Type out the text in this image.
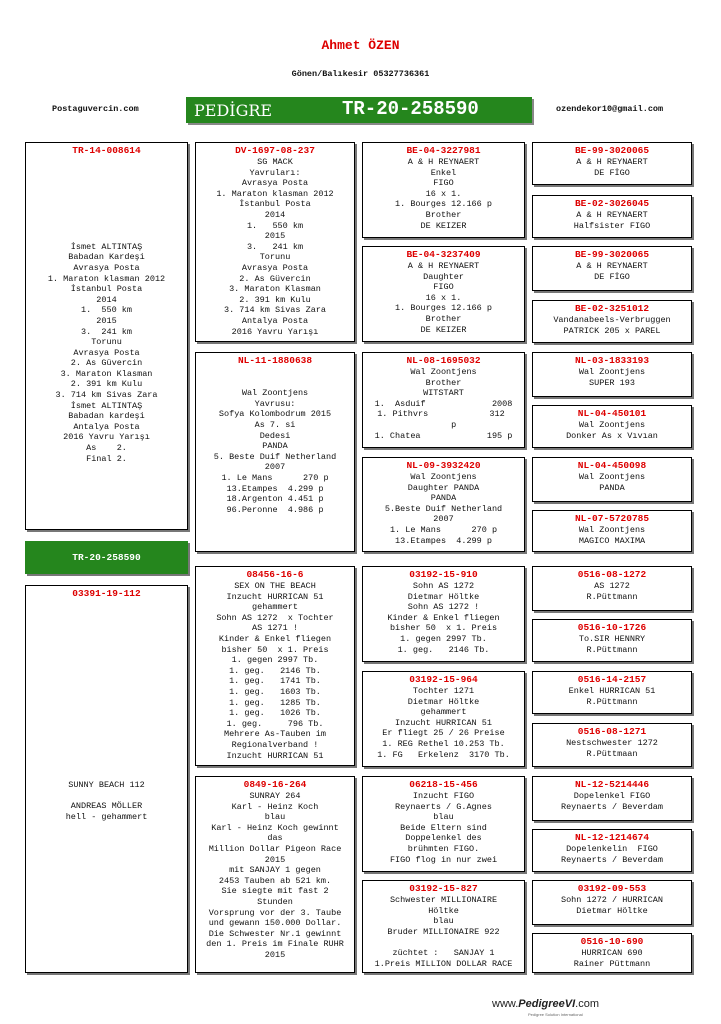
Ahmet ÖZEN
Gönen/Balıkesir 05327736361
Postaguvercin.com	ozendekor10@gmail.com
PEDİGRE	TR-20-258590
TR-14-008614

İsmet ALTINTAŞ
Babadan Kardeşi
Avrasya Posta
1. Maraton klasman 2012
İstanbul Posta
2014
1.  550 km
2015
3.  241 km
Torunu
Avrasya Posta
2. As Güvercin
3. Maraton Klasman
2. 391 km Kulu
3. 714 km Sivas Zara
İsmet ALTINTAŞ
Babadan kardeşi
Antalya Posta
2016 Yavru Yarışı
As    2.
Final 2.
TR-20-258590
03391-19-112

SUNNY BEACH 112

ANDREAS MÖLLER
hell - gehammert
DV-1697-08-237
SG MACK
Yavruları:
Avrasya Posta
1. Maraton klasman 2012
İstanbul Posta
2014
1.   550 km
2015
3.   241 km
Torunu
Avrasya Posta
2. As Güvercin
3. Maraton Klasman
2. 391 km Kulu
3. 714 km Sivas Zara
Antalya Posta
2016 Yavru Yarışı
NL-11-1880638

Wal Zoontjens
Yavrusu:
Sofya Kolombodrum 2015
As 7. si
Dedesi
PANDA
5. Beste Duif Netherland
2007
1. Le Mans      270 p
13.Etampes  4.299 p
18.Argenton 4.451 p
96.Peronne  4.986 p
08456-16-6
SEX ON THE BEACH
Inzucht HURRICAN 51
gehammert
Sohn AS 1272  x Tochter
AS 1271 !
Kinder & Enkel fliegen
bisher 50  x 1. Preis
1. gegen 2997 Tb.
1. geg.   2146 Tb.
1. geg.   1741 Tb.
1. geg.   1603 Tb.
1. geg.   1285 Tb.
1. geg.   1026 Tb.
1. geg.     796 Tb.
Mehrere As-Tauben im
Regionalverband !
Inzucht HURRICAN 51
0849-16-264
SUNRAY 264
Karl - Heinz Koch
blau
Karl - Heinz Koch gewinnt
das
Million Dollar Pigeon Race
2015
mit SANJAY 1 gegen
2453 Tauben ab 521 km.
Sie siegte mit fast 2
Stunden
Vorsprung vor der 3. Taube
und gewann 150.000 Dollar.
Die Schwester Nr.1 gewinnt
den 1. Preis im Finale RUHR
2015
BE-04-3227981
A & H REYNAERT
Enkel
FIGO
16 x 1.
1. Bourges 12.166 p
Brother
DE KEIZER
BE-04-3237409
A & H REYNAERT
Daughter
FIGO
16 x 1.
1. Bourges 12.166 p
Brother
DE KEIZER
NL-08-1695032
Wal Zoontjens
Brother
WITSTART
1.  Asduif             2008
1. Pithvrs            312
p
1. Chatea             195 p
NL-09-3932420
Wal Zoontjens
Daughter PANDA
PANDA
5.Beste Duif Netherland
2007
1. Le Mans      270 p
13.Etampes  4.299 p
03192-15-910
Sohn AS 1272
Dietmar Höltke
Sohn AS 1272 !
Kinder & Enkel fliegen
bisher 50  x 1. Preis
1. gegen 2997 Tb.
1. geg.   2146 Tb.
03192-15-964
Tochter 1271
Dietmar Höltke
gehammert
Inzucht HURRICAN 51
Er fliegt 25 / 26 Preise
1. REG Rethel 10.253 Tb.
1. FG   Erkelenz  3170 Tb.
06218-15-456
Inzucht FIGO
Reynaerts / G.Agnes
blau
Beide Eltern sind
Doppelenkel des
brühmten FIGO.
FIGO flog in nur zwei
03192-15-827
Schwester MILLIONAIRE
Höltke
blau
Bruder MILLIONAIRE 922

züchtet :   SANJAY 1
1.Preis MILLION DOLLAR RACE
BE-99-3020065
A & H REYNAERT
DE FİGO
BE-02-3026045
A & H REYNAERT
Halfsister FIGO
BE-99-3020065
A & H REYNAERT
DE FİGO
BE-02-3251012
Vandanabeels-Verbruggen
PATRICK 205 x PAREL
NL-03-1833193
Wal Zoontjens
SUPER 193
NL-04-450101
Wal Zoontjens
Donker As x Vıvıan
NL-04-450098
Wal Zoontjens
PANDA
NL-07-5720785
Wal Zoontjens
MAGICO MAXIMA
0516-08-1272
AS 1272
R.Püttmann
0516-10-1726
To.SIR HENNRY
R.Püttmann
0516-14-2157
Enkel HURRICAN 51
R.Püttmann
0516-08-1271
Nestschwester 1272
R.Püttmaan
NL-12-5214446
Dopelenkel FIGO
Reynaerts / Beverdam
NL-12-1214674
Dopelenkelin  FIGO
Reynaerts / Beverdam
03192-09-553
Sohn 1272 / HURRICAN
Dietmar Höltke
0516-10-690
HURRICAN 690
Rainer Püttmann
www.PedigreeVI.com
Pedigree Solution International
